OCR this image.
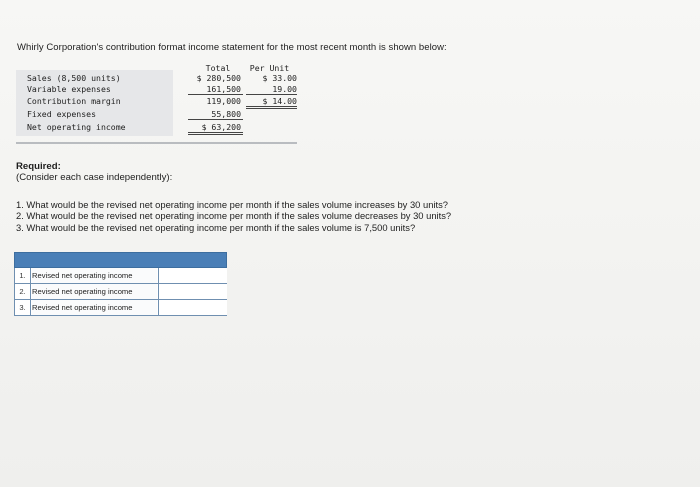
Whirly Corporation's contribution format income statement for the most recent month is shown below:
Total	Per Unit
Sales (8,500 units)	$ 280,500	$ 33.00
Variable expenses	161,500	19.00
Contribution margin	119,000	$ 14.00
Fixed expenses	55,800
Net operating income	$ 63,200
Required:
(Consider each case independently):
1. What would be the revised net operating income per month if the sales volume increases by 30 units?
2. What would be the revised net operating income per month if the sales volume decreases by 30 units?
3. What would be the revised net operating income per month if the sales volume is 7,500 units?
1. Revised net operating income
2. Revised net operating income
3. Revised net operating income
